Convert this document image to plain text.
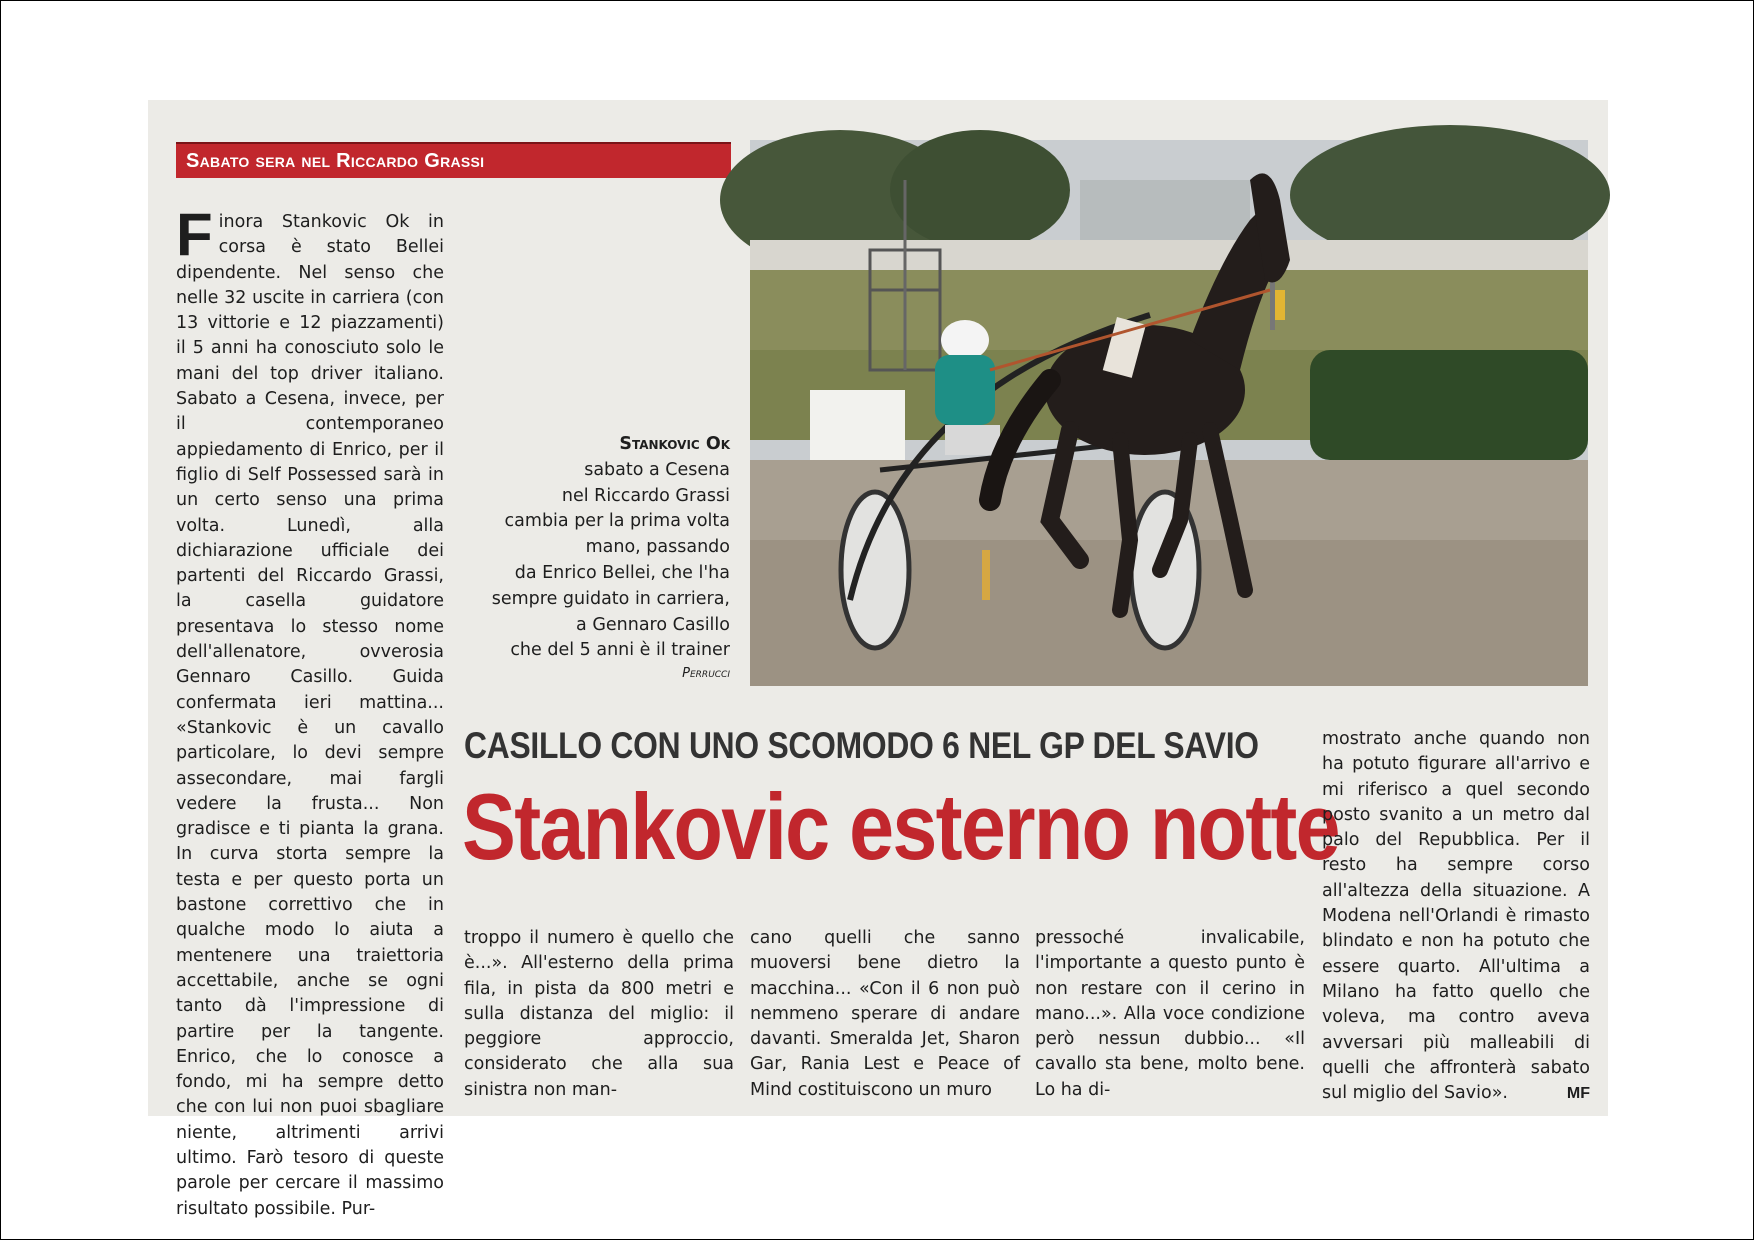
Sabato sera nel Riccardo Grassi

Finora Stankovic Ok in corsa è stato Bellei dipendente. Nel senso che nelle 32 uscite in carriera (con 13 vittorie e 12 piazzamenti) il 5 anni ha conosciuto solo le mani del top driver italiano. Sabato a Cesena, invece, per il contemporaneo appiedamento di Enrico, per il figlio di Self Possessed sarà in un certo senso una prima volta. Lunedì, alla dichiarazione ufficiale dei partenti del Riccardo Grassi, la casella guidatore presentava lo stesso nome dell'allenatore, ovverosia Gennaro Casillo. Guida confermata ieri mattina... «Stankovic è un cavallo particolare, lo devi sempre assecondare, mai fargli vedere la frusta... Non gradisce e ti pianta la grana. In curva storta sempre la testa e per questo porta un bastone correttivo che in qualche modo lo aiuta a mentenere una traiettoria accettabile, anche se ogni tanto dà l'impressione di partire per la tangente. Enrico, che lo conosce a fondo, mi ha sempre detto che con lui non puoi sbagliare niente, altrimenti arrivi ultimo. Farò tesoro di queste parole per cercare il massimo risultato possibile. Pur-

Stankovic Ok
sabato a Cesena
nel Riccardo Grassi
cambia per la prima volta
mano, passando
da Enrico Bellei, che l'ha
sempre guidato in carriera,
a Gennaro Casillo
che del 5 anni è il trainer
Perrucci
CASILLO CON UNO SCOMODO 6 NEL GP DEL SAVIO
Stankovic esterno notte

troppo il numero è quello che è...». All'esterno della prima fila, in pista da 800 metri e sulla distanza del miglio: il peggiore approccio, considerato che alla sua sinistra non man-

cano quelli che sanno muoversi bene dietro la macchina... «Con il 6 non può nemmeno sperare di andare davanti. Smeralda Jet, Sharon Gar, Rania Lest e Peace of Mind costituiscono un muro

pressoché invalicabile, l'importante a questo punto è non restare con il cerino in mano...». Alla voce condizione però nessun dubbio... «Il cavallo sta bene, molto bene. Lo ha di-

mostrato anche quando non ha potuto figurare all'arrivo e mi riferisco a quel secondo posto svanito a un metro dal palo del Repubblica. Per il resto ha sempre corso all'altezza della situazione. A Modena nell'Orlandi è rimasto blindato e non ha potuto che essere quarto. All'ultima a Milano ha fatto quello che voleva, ma contro aveva avversari più malleabili di quelli che affronterà sabato sul miglio del Savio».	MF
